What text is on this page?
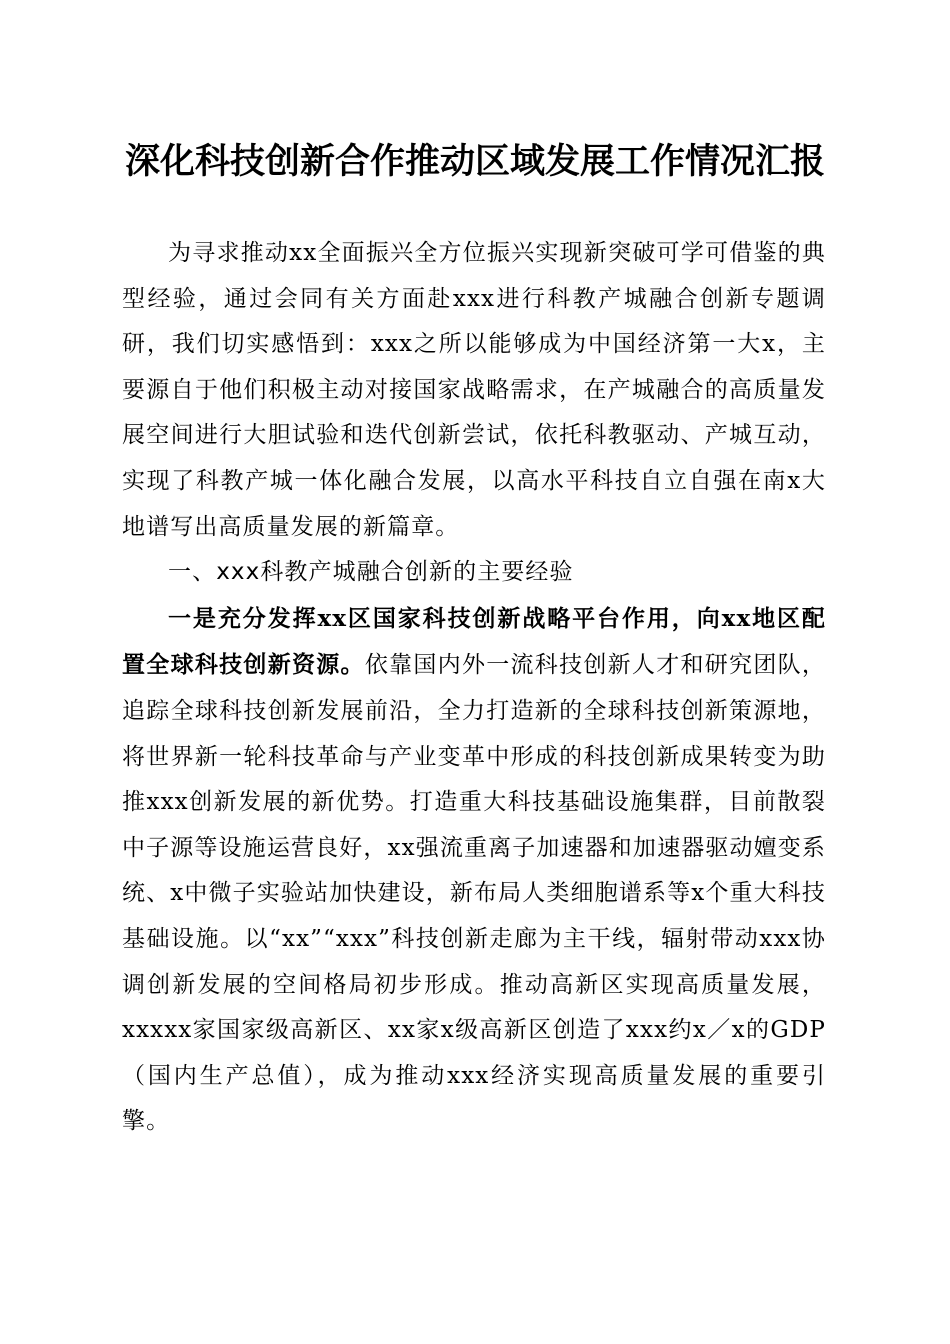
深化科技创新合作推动区域发展工作情况汇报

为寻求推动xx全面振兴全方位振兴实现新突破可学可借鉴的典型经验，通过会同有关方面赴xxx进行科教产城融合创新专题调研，我们切实感悟到：xxx之所以能够成为中国经济第一大x，主要源自于他们积极主动对接国家战略需求，在产城融合的高质量发展空间进行大胆试验和迭代创新尝试，依托科教驱动、产城互动，实现了科教产城一体化融合发展，以高水平科技自立自强在南x大地谱写出高质量发展的新篇章。

一、xxx科教产城融合创新的主要经验

一是充分发挥xx区国家科技创新战略平台作用，向xx地区配置全球科技创新资源。依靠国内外一流科技创新人才和研究团队，追踪全球科技创新发展前沿，全力打造新的全球科技创新策源地，将世界新一轮科技革命与产业变革中形成的科技创新成果转变为助推xxx创新发展的新优势。打造重大科技基础设施集群，目前散裂中子源等设施运营良好，xx强流重离子加速器和加速器驱动嬗变系统、x中微子实验站加快建设，新布局人类细胞谱系等x个重大科技基础设施。以“xx”“xxx”科技创新走廊为主干线，辐射带动xxx协调创新发展的空间格局初步形成。推动高新区实现高质量发展，xxxxx家国家级高新区、xx家x级高新区创造了xxx约x／x的GDP（国内生产总值），成为推动xxx经济实现高质量发展的重要引擎。
